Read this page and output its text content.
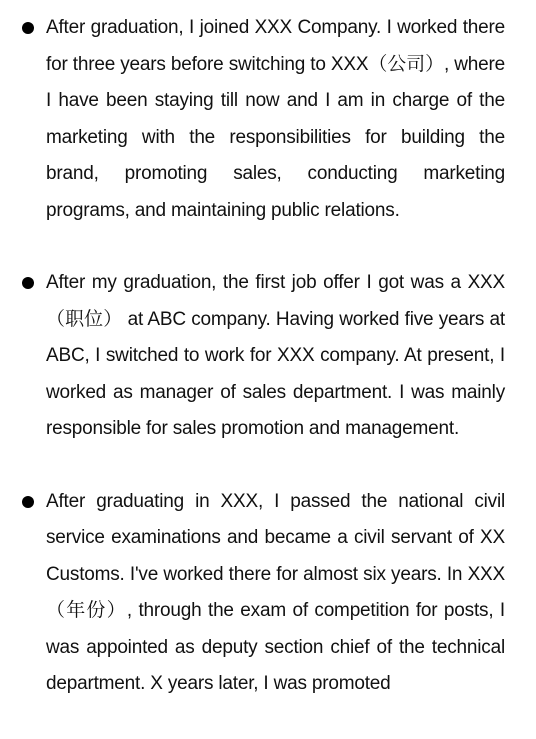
After graduation, I joined XXX Company. I worked there for three years before switching to XXX（公司）, where I have been staying till now and I am in charge of the marketing with the responsibilities for building the brand, promoting sales, conducting marketing programs, and maintaining public relations.

After my graduation, the first job offer I got was a XXX（职位） at ABC company. Having worked five years at ABC, I switched to work for XXX company. At present, I worked as manager of sales department. I was mainly responsible for sales promotion and management.

After graduating in XXX, I passed the national civil service examinations and became a civil servant of XX Customs. I've worked there for almost six years. In XXX（年份）, through the exam of competition for posts, I was appointed as deputy section chief of the technical department. X years later, I was promoted
